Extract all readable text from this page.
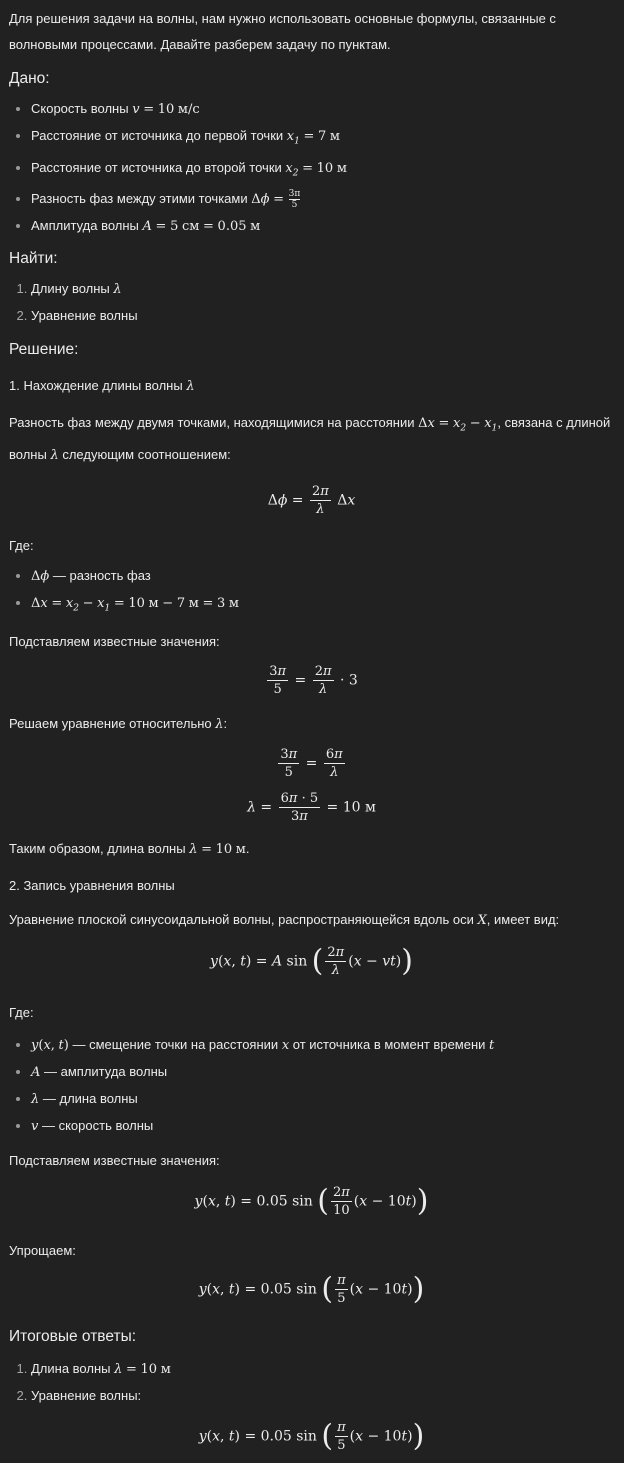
Для решения задачи на волны, нам нужно использовать основные формулы, связанные с волновыми процессами. Давайте разберем задачу по пунктам.

Дано:
• Скорость волны v = 10 м/с
• Расстояние от источника до первой точки $x_1 = 7$ м
• Расстояние от источника до второй точки $x_2 = 10$ м
• Разность фаз между этими точками $\Delta\phi = \frac{3\pi}{5}$
• Амплитуда волны A = 5 см = 0.05 м
Найти:
1. Длину волны λ
2. Уравнение волны
Решение:
1. Нахождение длины волны λ

Разность фаз между двумя точками, находящимися на расстоянии $\Delta x = x_2 - x_1$, связана с длиной волны λ следующим соотношением:

$\Delta\phi = \frac{2\pi}{\lambda}$ Δx

Где:

• Δϕ — разность фаз
• $\Delta x = x_2 - x_1 = 10$ м − 7 м = 3 м

Подставляем известные значения:

$\frac{3\pi}{5} = \frac{2\pi}{\lambda} \cdot 3$

Решаем уравнение относительно λ:

$\frac{3\pi}{5} = \frac{6\pi}{\lambda}$
$\lambda = \frac{6\pi \cdot 5}{3\pi} = 10$ м

Таким образом, длина волны λ = 10 м.

2. Запись уравнения волны

Уравнение плоской синусоидальной волны, распространяющейся вдоль оси X, имеет вид:

y(x, t) = A sin ( $\frac{2\pi}{\lambda} (x - vt)$)

Где:

• y(x, t) — смещение точки на расстоянии x от источника в момент времени t
• A — амплитуда волны
• λ — длина волны
• v — скорость волны

Подставляем известные значения:

y(x, t) = 0.05 sin ( $\frac{2\pi}{10} (x - 10t)$)

Упрощаем:

y(x, t) = 0.05 sin ( $\frac{\pi}{5} (x - 10t)$)
Итоговые ответы:
1. Длина волны λ = 10 м
2. Уравнение волны:
y(x, t) = 0.05 sin ( $\frac{\pi}{5} (x - 10t)$)
